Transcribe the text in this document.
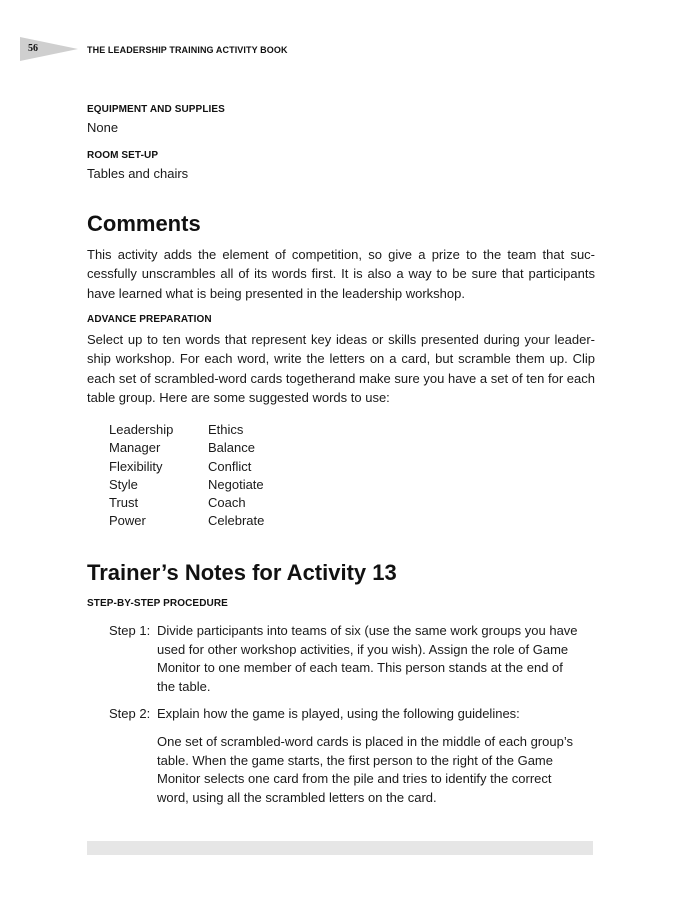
56	THE LEADERSHIP TRAINING ACTIVITY BOOK
EQUIPMENT AND SUPPLIES
None
ROOM SET-UP
Tables and chairs
Comments
This activity adds the element of competition, so give a prize to the team that suc-cessfully unscrambles all of its words first. It is also a way to be sure that participants have learned what is being presented in the leadership workshop.
ADVANCE PREPARATION
Select up to ten words that represent key ideas or skills presented during your leader-ship workshop. For each word, write the letters on a card, but scramble them up. Clip each set of scrambled-word cards togetherand make sure you have a set of ten for each table group. Here are some suggested words to use:
Leadership	Ethics
Manager	Balance
Flexibility	Conflict
Style	Negotiate
Trust	Coach
Power	Celebrate
Trainer’s Notes for Activity 13
STEP-BY-STEP PROCEDURE
Step 1: Divide participants into teams of six (use the same work groups you have
used for other workshop activities, if you wish). Assign the role of Game
Monitor to one member of each team. This person stands at the end of
the table.
Step 2: Explain how the game is played, using the following guidelines:
One set of scrambled-word cards is placed in the middle of each group’s
table. When the game starts, the first person to the right of the Game
Monitor selects one card from the pile and tries to identify the correct
word, using all the scrambled letters on the card.
